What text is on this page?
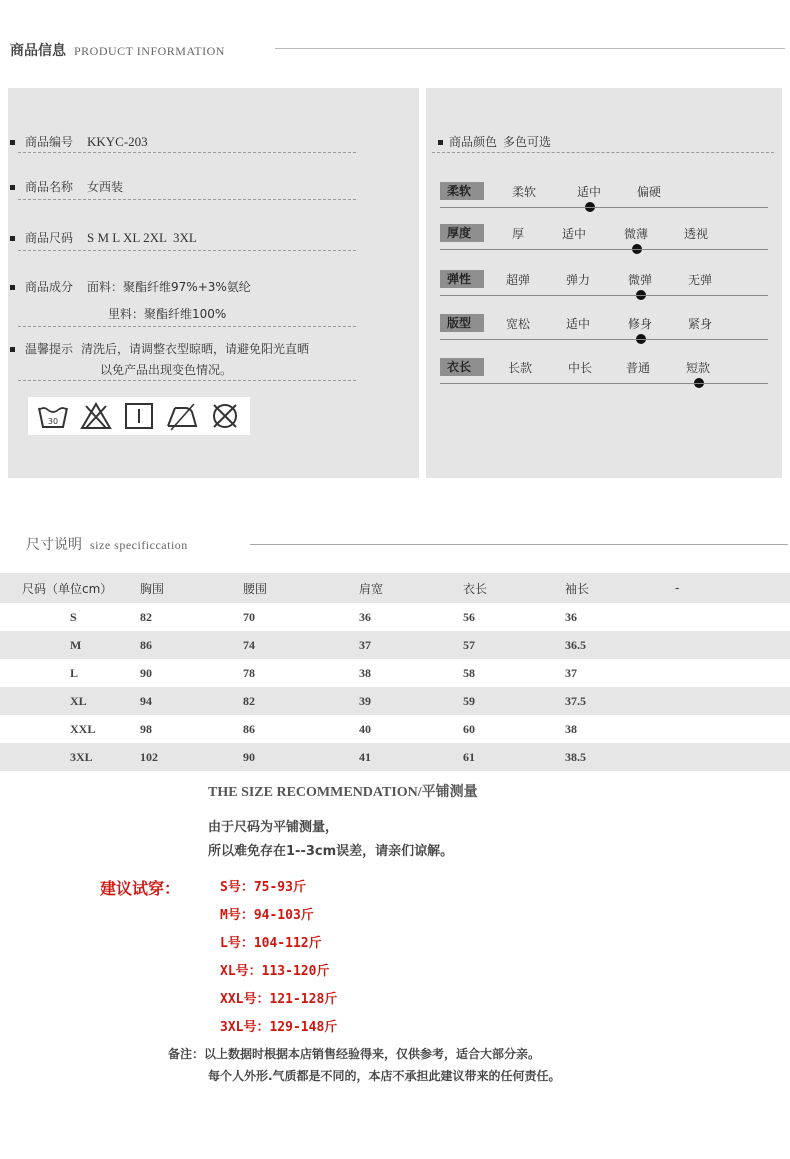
商品信息 PRODUCT INFORMATION
商品编号 KKYC-203
商品名称 女西装
商品尺码 S M L XL 2XL  3XL
商品成分 面料：聚酯纤维97%+3%氨纶
里料：聚酯纤维100%
温馨提示 清洗后，请调整衣型晾晒，请避免阳光直晒
以免产品出现变色情况。
30
商品颜色 多色可选
柔软	柔软	适中	偏硬
厚度	厚	适中	微薄	透视
弹性	超弹	弹力	微弹	无弹
版型	宽松	适中	修身	紧身
衣长	长款	中长	普通	短款
尺寸说明 size specificcation
尺码（单位cm）	胸围	腰围	肩宽	衣长	袖长	-
S	82	70	36	56	36	
M	86	74	37	57	36.5	
L	90	78	38	58	37	
XL	94	82	39	59	37.5	
XXL	98	86	40	60	38	
3XL	102	90	41	61	38.5	
THE SIZE RECOMMENDATION/平铺测量
由于尺码为平铺测量，
所以难免存在1--3cm误差，请亲们谅解。
建议试穿：	S号：75-93斤
M号：94-103斤
L号：104-112斤
XL号：113-120斤
XXL号：121-128斤
3XL号：129-148斤
备注：以上数据时根据本店销售经验得来，仅供参考，适合大部分亲。
每个人外形.气质都是不同的，本店不承担此建议带来的任何责任。
